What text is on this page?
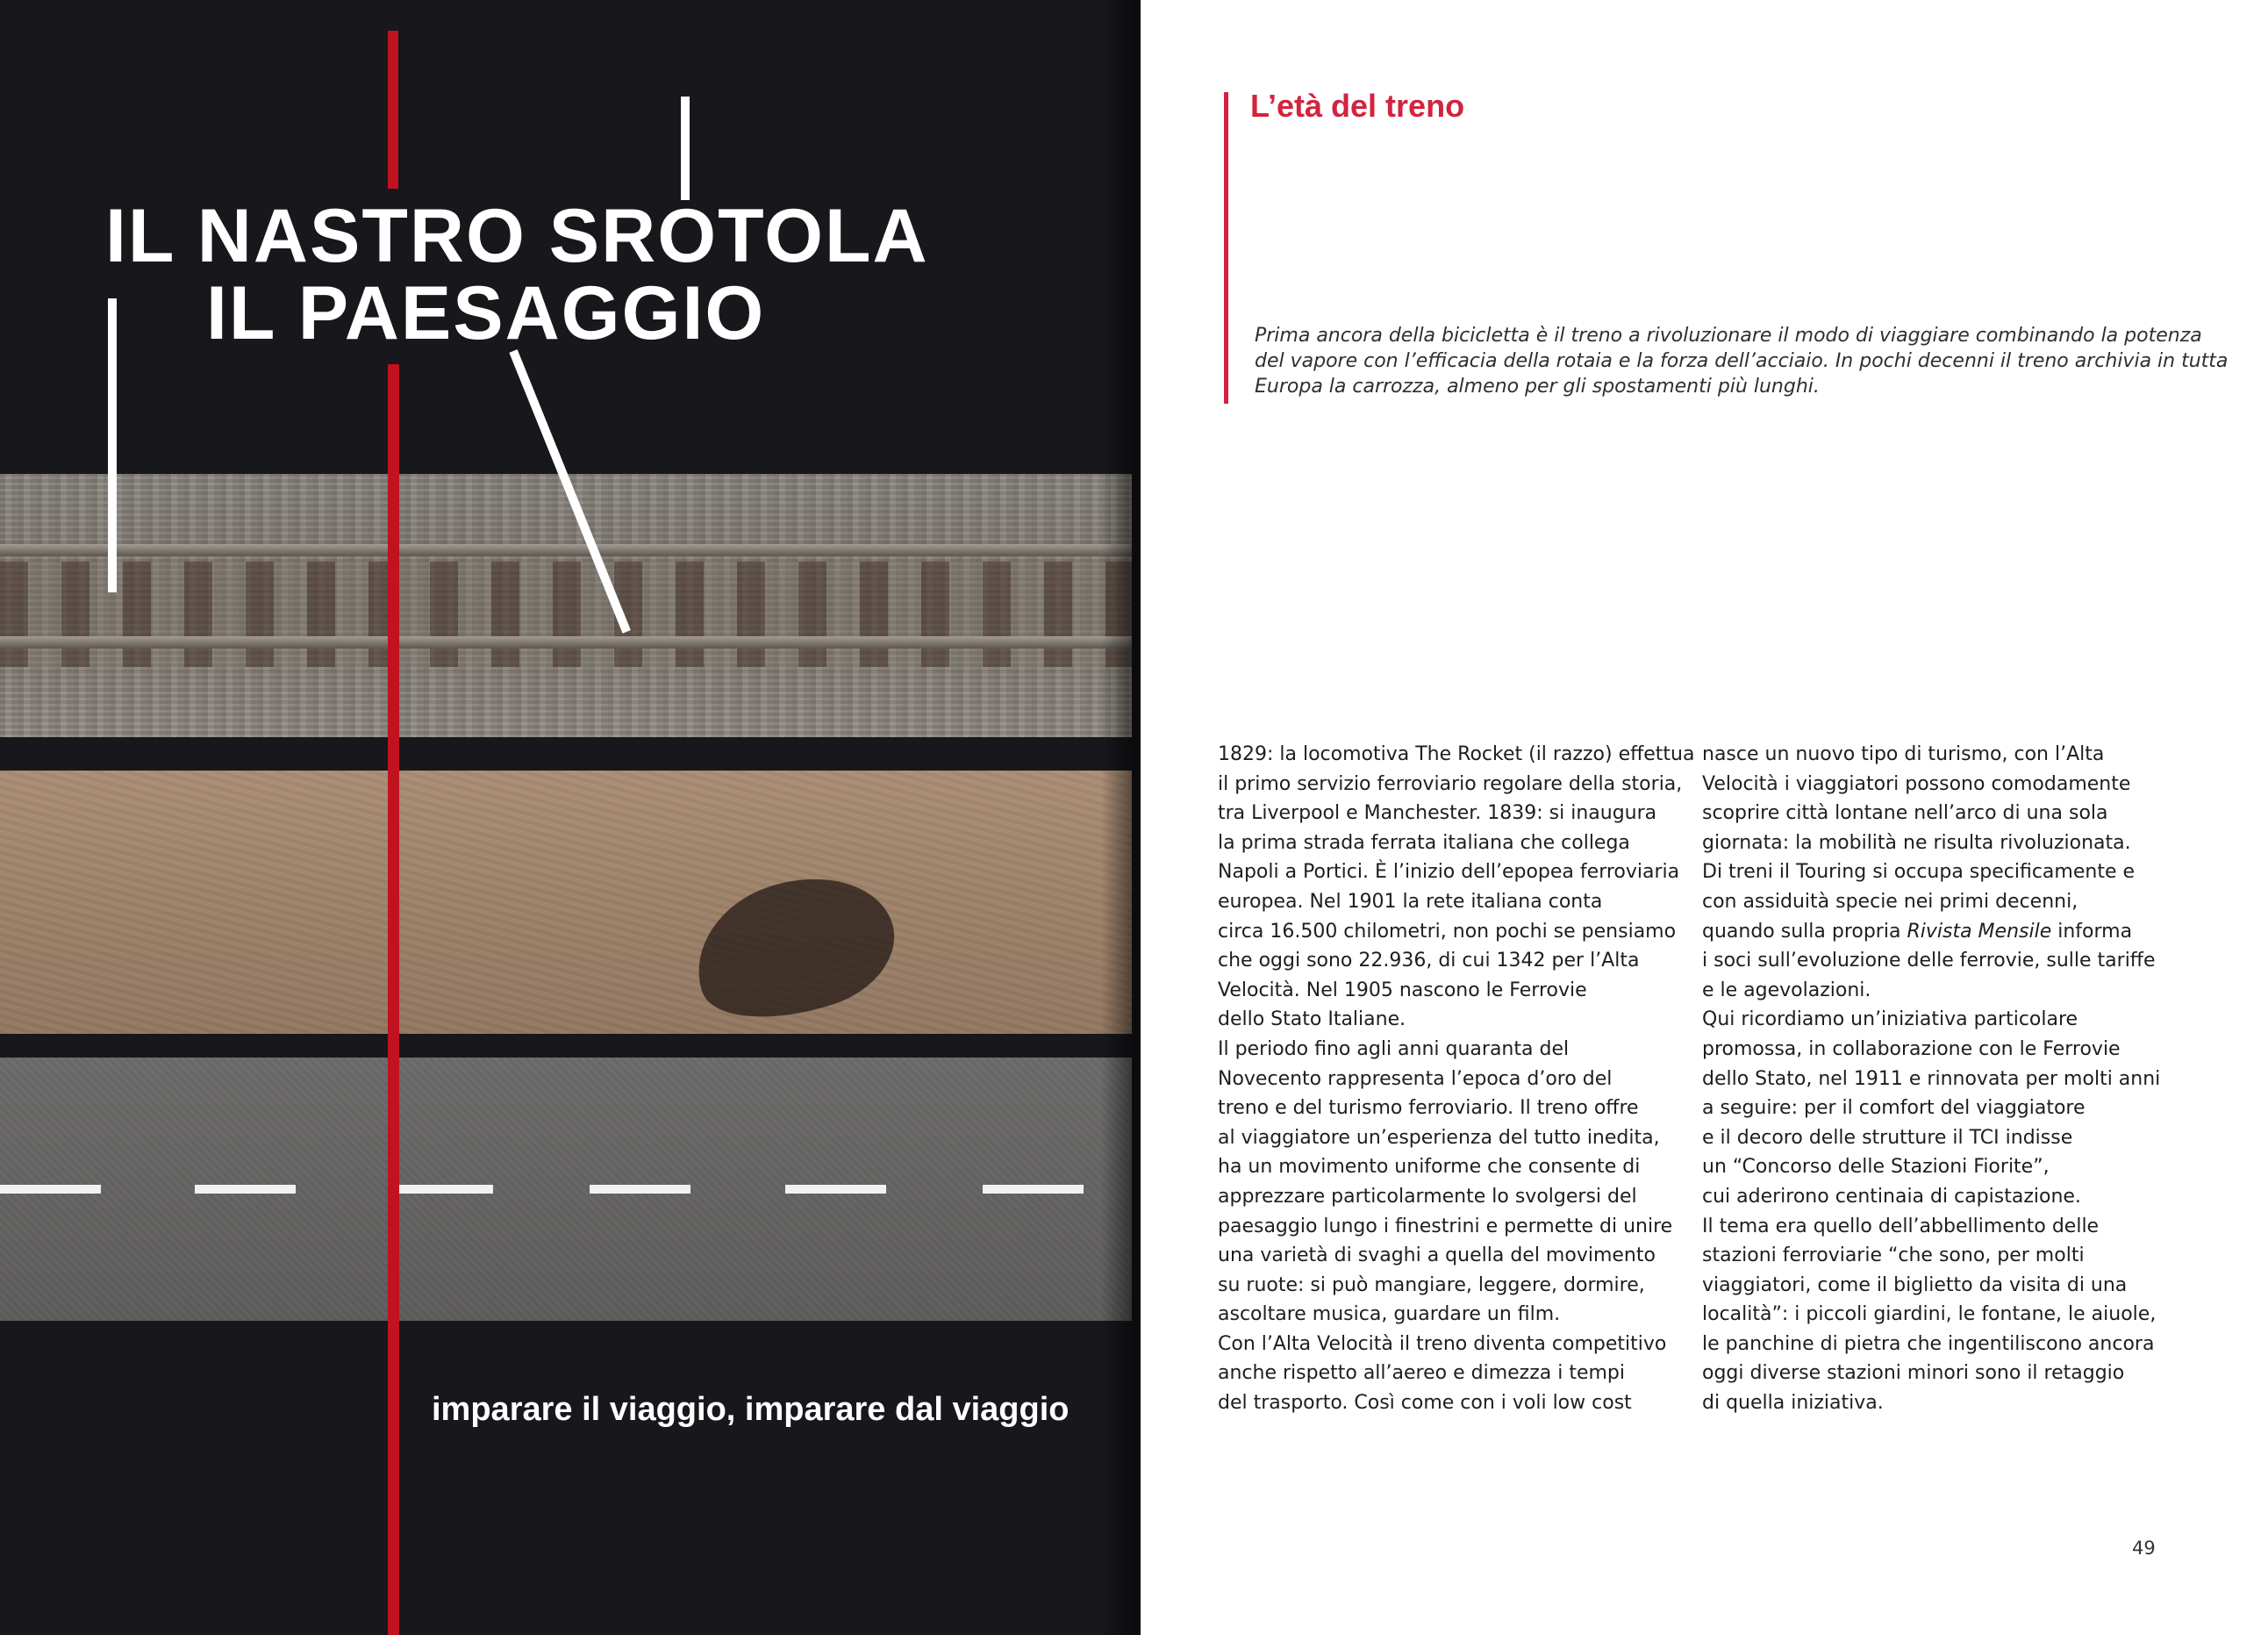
IL NASTRO SROTOLA
IL PAESAGGIO

imparare il viaggio, imparare dal viaggio

L’età del treno

Prima ancora della bicicletta è il treno a rivoluzionare il modo di viaggiare combinando la potenza
del vapore con l’efficacia della rotaia e la forza dell’acciaio. In pochi decenni il treno archivia in tutta
Europa la carrozza, almeno per gli spostamenti più lunghi.

1829: la locomotiva The Rocket (il razzo) effettua
il primo servizio ferroviario regolare della storia,
tra Liverpool e Manchester. 1839: si inaugura
la prima strada ferrata italiana che collega
Napoli a Portici. È l’inizio dell’epopea ferroviaria
europea. Nel 1901 la rete italiana conta
circa 16.500 chilometri, non pochi se pensiamo
che oggi sono 22.936, di cui 1342 per l’Alta
Velocità. Nel 1905 nascono le Ferrovie
dello Stato Italiane.
Il periodo fino agli anni quaranta del
Novecento rappresenta l’epoca d’oro del
treno e del turismo ferroviario. Il treno offre
al viaggiatore un’esperienza del tutto inedita,
ha un movimento uniforme che consente di
apprezzare particolarmente lo svolgersi del
paesaggio lungo i finestrini e permette di unire
una varietà di svaghi a quella del movimento
su ruote: si può mangiare, leggere, dormire,
ascoltare musica, guardare un film.
Con l’Alta Velocità il treno diventa competitivo
anche rispetto all’aereo e dimezza i tempi
del trasporto. Così come con i voli low cost
nasce un nuovo tipo di turismo, con l’Alta
Velocità i viaggiatori possono comodamente
scoprire città lontane nell’arco di una sola
giornata: la mobilità ne risulta rivoluzionata.
Di treni il Touring si occupa specificamente e
con assiduità specie nei primi decenni,
quando sulla propria Rivista Mensile informa
i soci sull’evoluzione delle ferrovie, sulle tariffe
e le agevolazioni.
Qui ricordiamo un’iniziativa particolare
promossa, in collaborazione con le Ferrovie
dello Stato, nel 1911 e rinnovata per molti anni
a seguire: per il comfort del viaggiatore
e il decoro delle strutture il TCI indisse
un “Concorso delle Stazioni Fiorite”,
cui aderirono centinaia di capistazione.
Il tema era quello dell’abbellimento delle
stazioni ferroviarie “che sono, per molti
viaggiatori, come il biglietto da visita di una
località”: i piccoli giardini, le fontane, le aiuole,
le panchine di pietra che ingentiliscono ancora
oggi diverse stazioni minori sono il retaggio
di quella iniziativa.

49
